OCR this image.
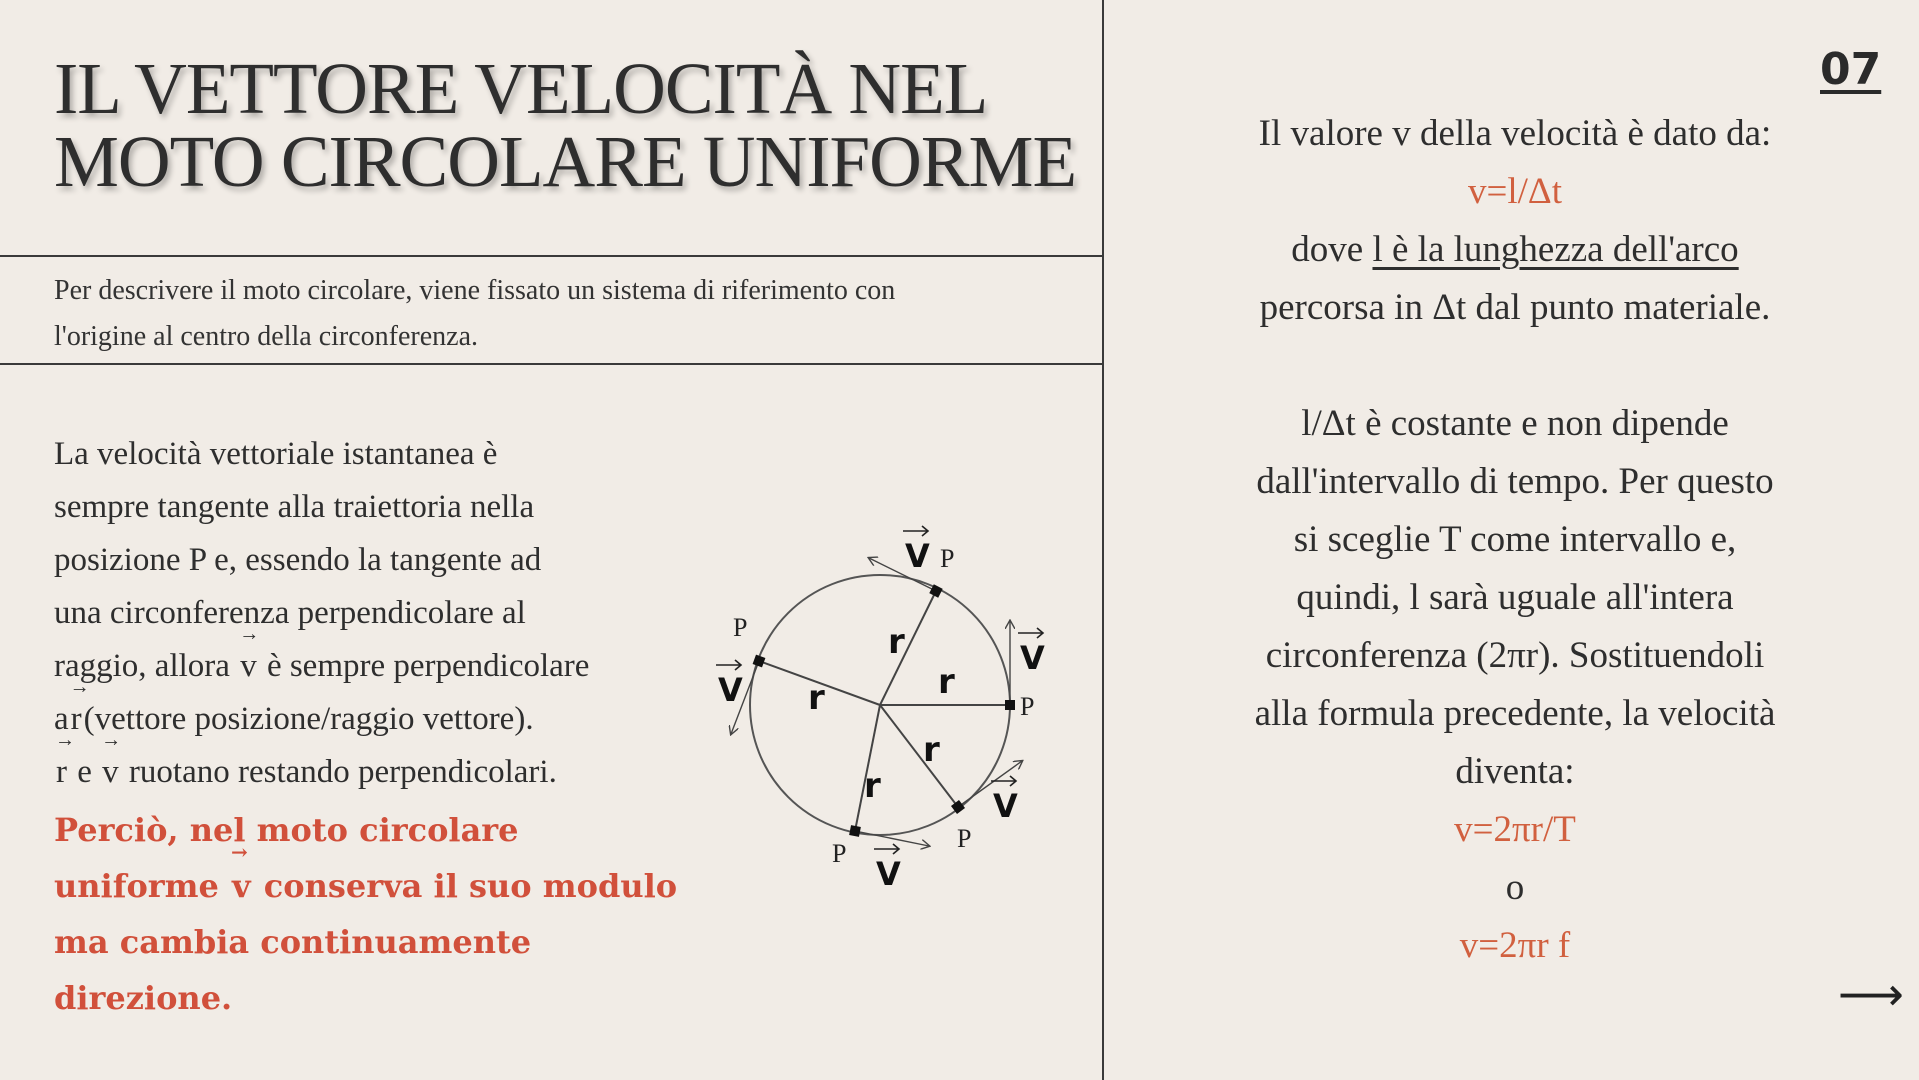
IL VETTORE VELOCITÀ NEL
MOTO CIRCOLARE UNIFORME
Per descrivere il moto circolare, viene fissato un sistema di riferimento con
l'origine al centro della circonferenza.
La velocità vettoriale istantanea è
sempre tangente alla traiettoria nella
posizione P e, essendo la tangente ad
una circonferenza perpendicolare al
raggio, allora → v è sempre perpendicolare
a→ r(vettore posizione/raggio vettore).
→ r e → v ruotano restando perpendicolari.
Perciò, nel moto circolare
uniforme → v conserva il suo modulo
ma cambia continuamente
direzione.
P
P
P
P
P	r
r
r
r
r
V
V
V
V
V
07
Il valore v della velocità è dato da:
v=l/Δt
dove l è la lunghezza dell'arco
percorsa in Δt dal punto materiale.
l/Δt è costante e non dipende
dall'intervallo di tempo. Per questo
si sceglie T come intervallo e,
quindi, l sarà uguale all'intera
circonferenza (2πr). Sostituendoli
alla formula precedente, la velocità
diventa:
v=2πr/T
o
v=2πr f
⟶
